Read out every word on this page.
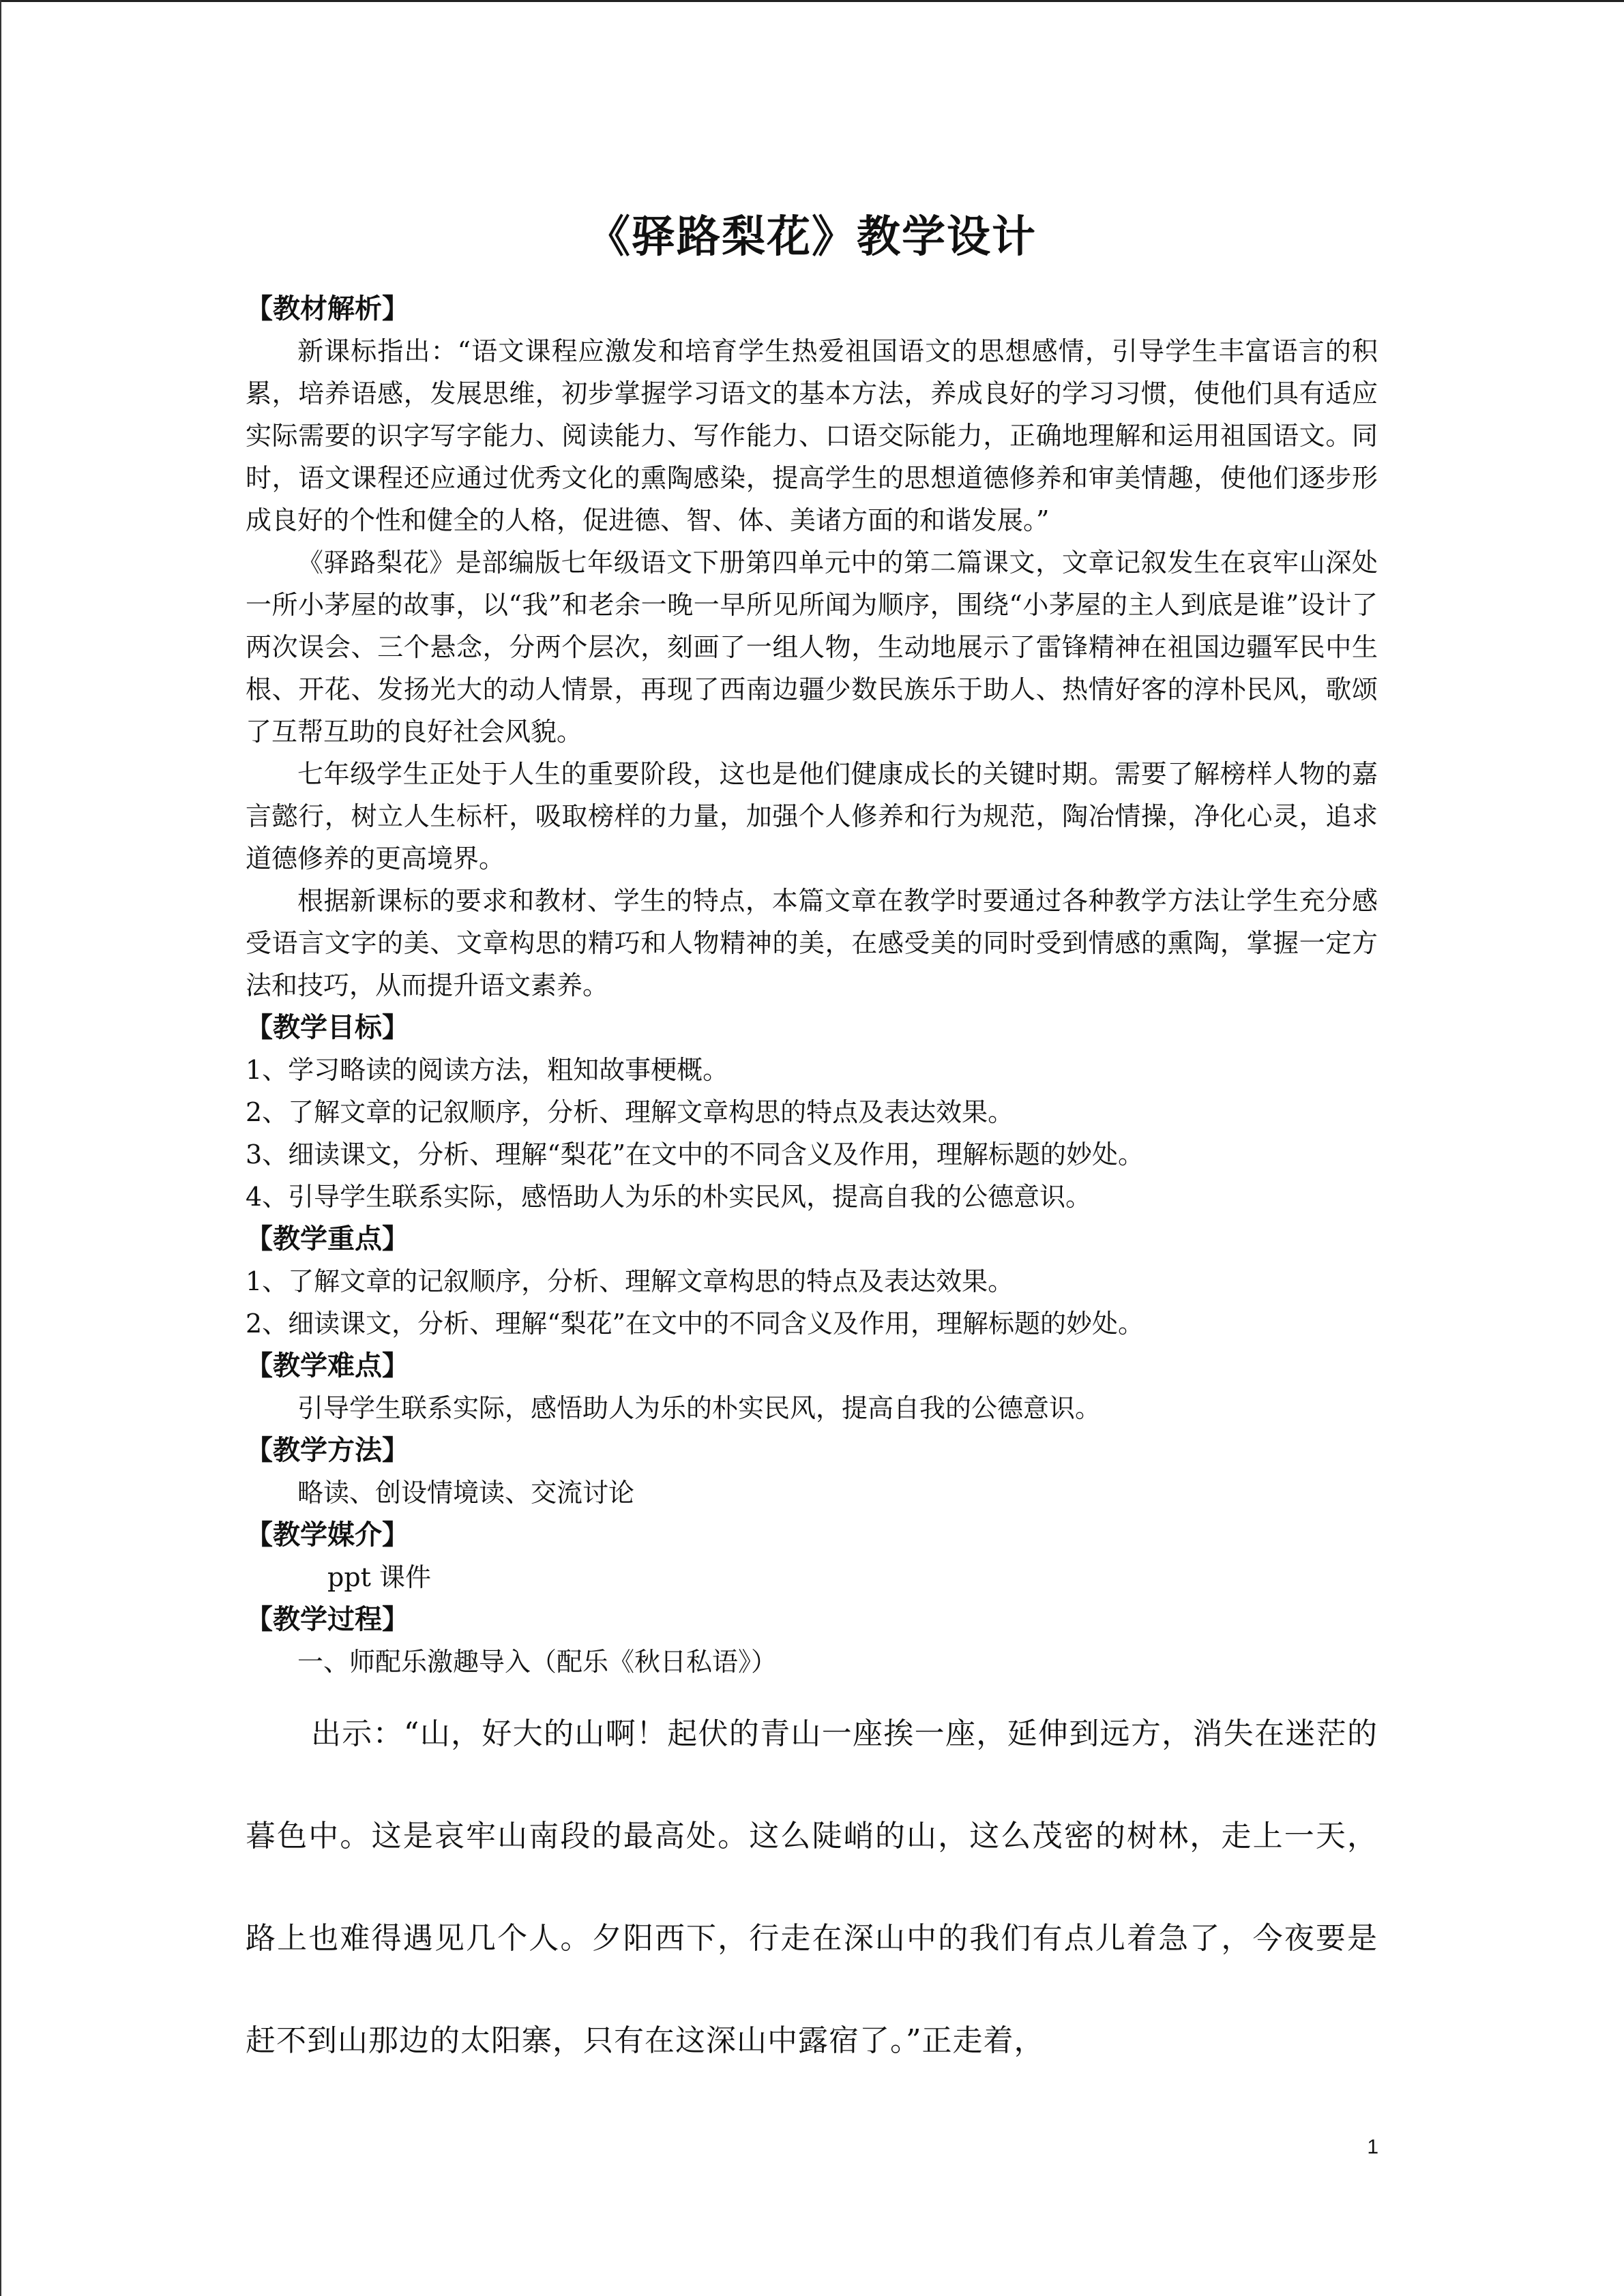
《驿路梨花》教学设计

【教材解析】

新课标指出：“语文课程应激发和培育学生热爱祖国语文的思想感情，引导学生丰富语言的积累，培养语感，发展思维，初步掌握学习语文的基本方法，养成良好的学习习惯，使他们具有适应实际需要的识字写字能力、阅读能力、写作能力、口语交际能力，正确地理解和运用祖国语文。同时，语文课程还应通过优秀文化的熏陶感染，提高学生的思想道德修养和审美情趣，使他们逐步形成良好的个性和健全的人格，促进德、智、体、美诸方面的和谐发展。”

《驿路梨花》是部编版七年级语文下册第四单元中的第二篇课文，文章记叙发生在哀牢山深处一所小茅屋的故事，以“我”和老余一晚一早所见所闻为顺序，围绕“小茅屋的主人到底是谁”设计了两次误会、三个悬念，分两个层次，刻画了一组人物，生动地展示了雷锋精神在祖国边疆军民中生根、开花、发扬光大的动人情景，再现了西南边疆少数民族乐于助人、热情好客的淳朴民风，歌颂了互帮互助的良好社会风貌。

七年级学生正处于人生的重要阶段，这也是他们健康成长的关键时期。需要了解榜样人物的嘉言懿行，树立人生标杆，吸取榜样的力量，加强个人修养和行为规范，陶冶情操，净化心灵，追求道德修养的更高境界。

根据新课标的要求和教材、学生的特点，本篇文章在教学时要通过各种教学方法让学生充分感受语言文字的美、文章构思的精巧和人物精神的美，在感受美的同时受到情感的熏陶，掌握一定方法和技巧，从而提升语文素养。

【教学目标】

1、学习略读的阅读方法，粗知故事梗概。

2、了解文章的记叙顺序，分析、理解文章构思的特点及表达效果。

3、细读课文，分析、理解“梨花”在文中的不同含义及作用，理解标题的妙处。

4、引导学生联系实际，感悟助人为乐的朴实民风，提高自我的公德意识。

【教学重点】

1、了解文章的记叙顺序，分析、理解文章构思的特点及表达效果。

2、细读课文，分析、理解“梨花”在文中的不同含义及作用，理解标题的妙处。

【教学难点】

引导学生联系实际，感悟助人为乐的朴实民风，提高自我的公德意识。

【教学方法】

略读、创设情境读、交流讨论

【教学媒介】

ppt 课件

【教学过程】

一、师配乐激趣导入（配乐《秋日私语》）

出示：“山，好大的山啊！起伏的青山一座挨一座，延伸到远方，消失在迷茫的暮色中。这是哀牢山南段的最高处。这么陡峭的山，这么茂密的树林，走上一天，路上也难得遇见几个人。夕阳西下，行走在深山中的我们有点儿着急了，今夜要是赶不到山那边的太阳寨，只有在这深山中露宿了。”正走着，

1
